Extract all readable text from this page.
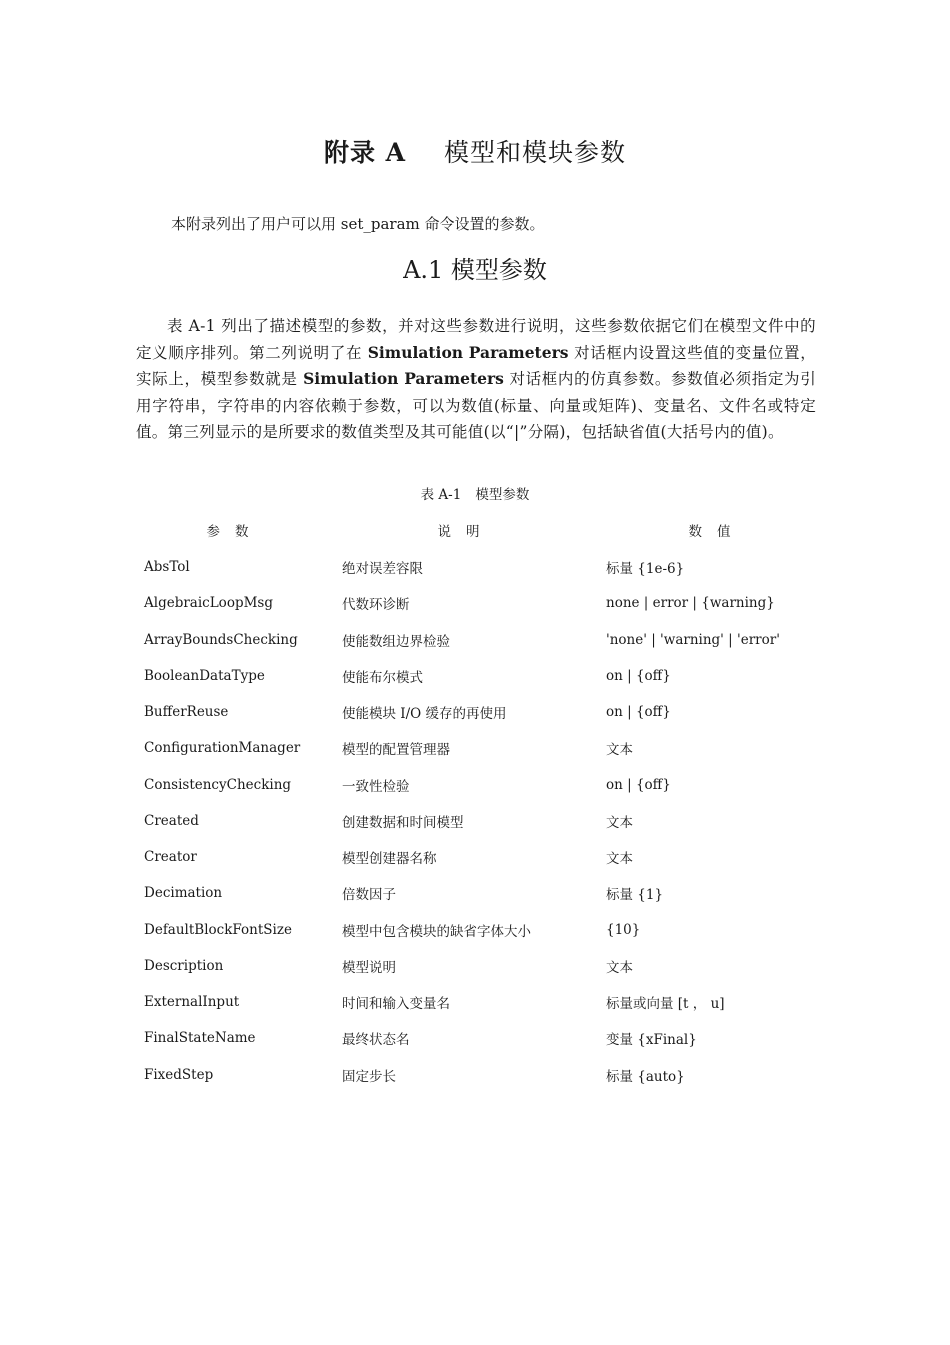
附录 A 模型和模块参数
本附录列出了用户可以用 set_param 命令设置的参数。
A.1 模型参数

表 A-1 列出了描述模型的参数，并对这些参数进行说明，这些参数依据它们在模型文件中的定义顺序排列。第二列说明了在 Simulation Parameters 对话框内设置这些值的变量位置，实际上，模型参数就是 Simulation Parameters 对话框内的仿真参数。参数值必须指定为引用字符串，字符串的内容依赖于参数，可以为数值(标量、向量或矩阵)、变量名、文件名或特定值。第三列显示的是所要求的数值类型及其可能值(以“|”分隔)，包括缺省值(大括号内的值)。

表 A-1 模型参数
参数	说明	数值
AbsTol	绝对误差容限	标量 {1e-6}
AlgebraicLoopMsg	代数环诊断	none | error | {warning}
ArrayBoundsChecking	使能数组边界检验	'none' | 'warning' | 'error'
BooleanDataType	使能布尔模式	on | {off}
BufferReuse	使能模块 I/O 缓存的再使用	on | {off}
ConfigurationManager	模型的配置管理器	文本
ConsistencyChecking	一致性检验	on | {off}
Created	创建数据和时间模型	文本
Creator	模型创建器名称	文本
Decimation	倍数因子	标量 {1}
DefaultBlockFontSize	模型中包含模块的缺省字体大小	{10}
Description	模型说明	文本
ExternalInput	时间和输入变量名	标量或向量 [t ， u]
FinalStateName	最终状态名	变量 {xFinal}
FixedStep	固定步长	标量 {auto}
